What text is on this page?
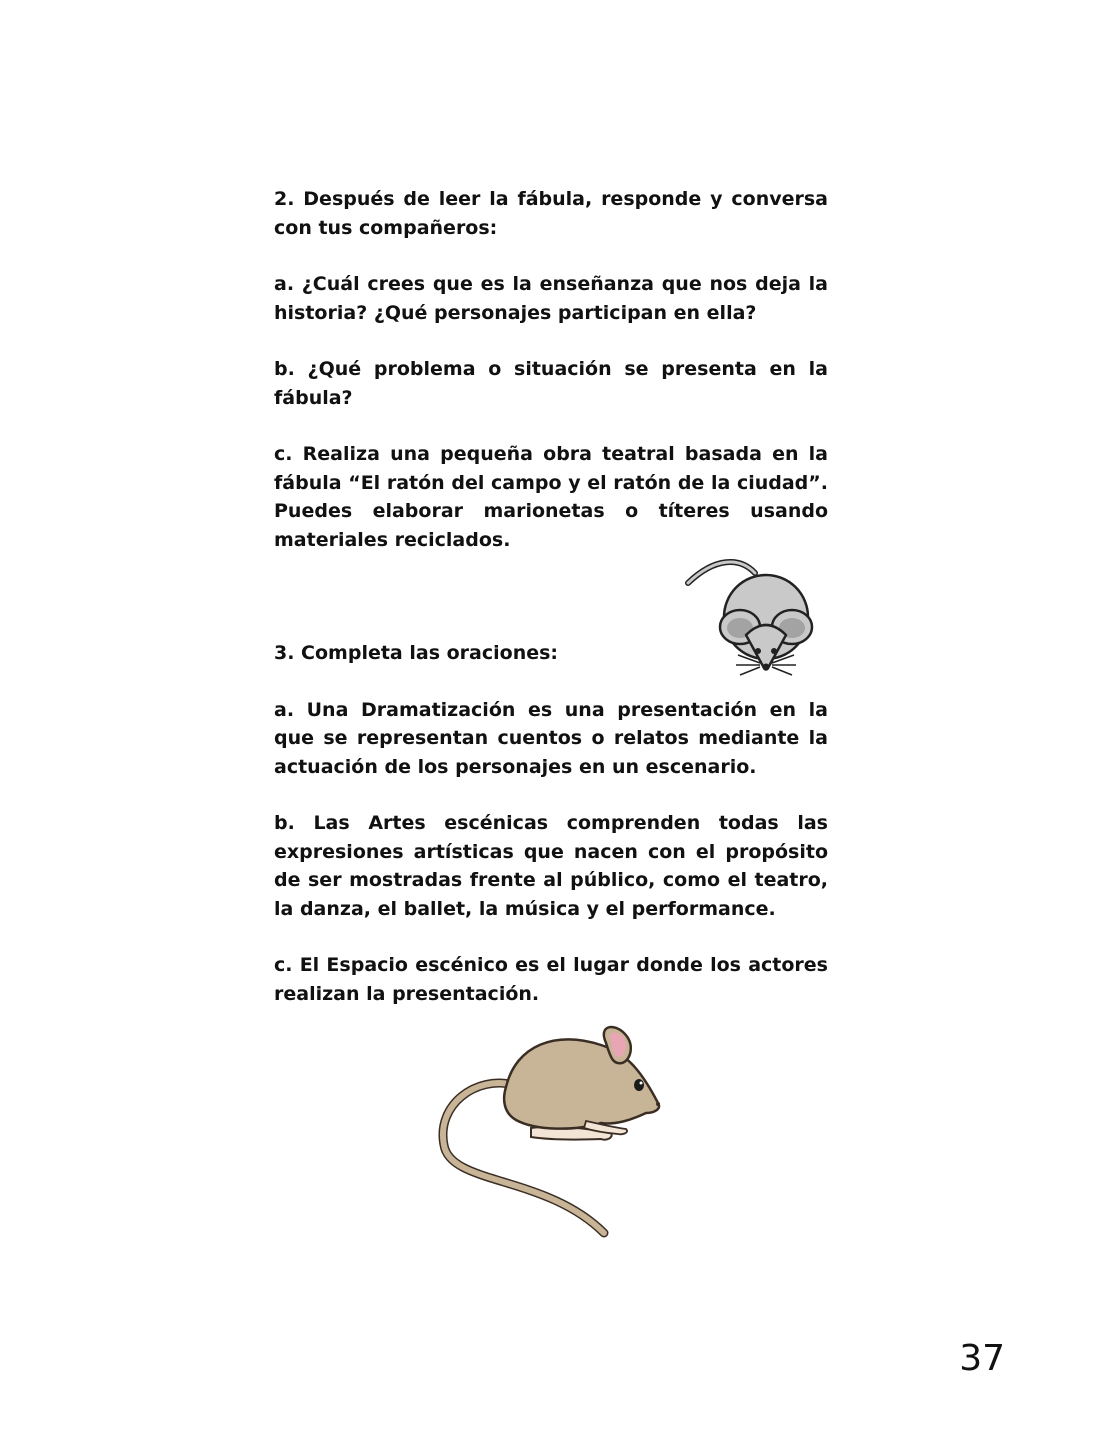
2. Después de leer la fábula, responde y conversa con tus compañeros:

a. ¿Cuál crees que es la enseñanza que nos deja la historia? ¿Qué personajes participan en ella?

b. ¿Qué problema o situación se presenta en la fábula?

c. Realiza una pequeña obra teatral basada en la fábula “El ratón del campo y el ratón de la ciudad”. Puedes elaborar marionetas o títeres usando materiales reciclados.

3. Completa las oraciones:

a. Una Dramatización es una presentación en la que se representan cuentos o relatos mediante la actuación de los personajes en un escenario.

b. Las Artes escénicas comprenden todas las expresiones artísticas que nacen con el propósito de ser mostradas frente al público, como el teatro, la danza, el ballet, la música y el performance.

c. El Espacio escénico es el lugar donde los actores realizan la presentación.

37
